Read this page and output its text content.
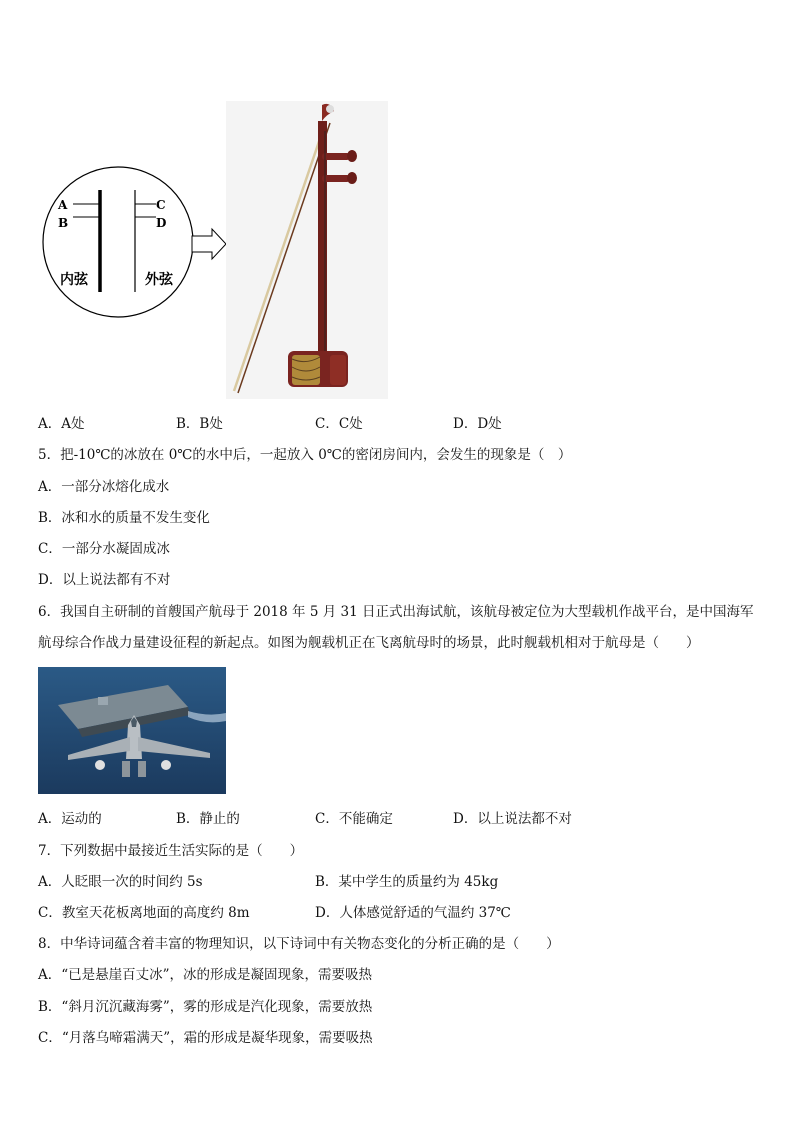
A
B
C
D
内弦	外弦
A．A处	B．B处	C．C处	D．D处
5．把-10℃的冰放在 0℃的水中后，一起放入 0℃的密闭房间内，会发生的现象是（　）
A．一部分冰熔化成水
B．冰和水的质量不发生变化
C．一部分水凝固成冰
D．以上说法都有不对
6．我国自主研制的首艘国产航母于 2018 年 5 月 31 日正式出海试航，该航母被定位为大型载机作战平台，是中国海军
航母综合作战力量建设征程的新起点。如图为舰载机正在飞离航母时的场景，此时舰载机相对于航母是（　　）
A．运动的	B．静止的	C．不能确定	D．以上说法都不对
7．下列数据中最接近生活实际的是（　　）
A．人眨眼一次的时间约 5s	B．某中学生的质量约为 45kg
C．教室天花板离地面的高度约 8m	D．人体感觉舒适的气温约 37℃
8．中华诗词蕴含着丰富的物理知识，以下诗词中有关物态变化的分析正确的是（　　）
A．“已是悬崖百丈冰”，冰的形成是凝固现象，需要吸热
B．“斜月沉沉藏海雾”，雾的形成是汽化现象，需要放热
C．“月落乌啼霜满天”，霜的形成是凝华现象，需要吸热
